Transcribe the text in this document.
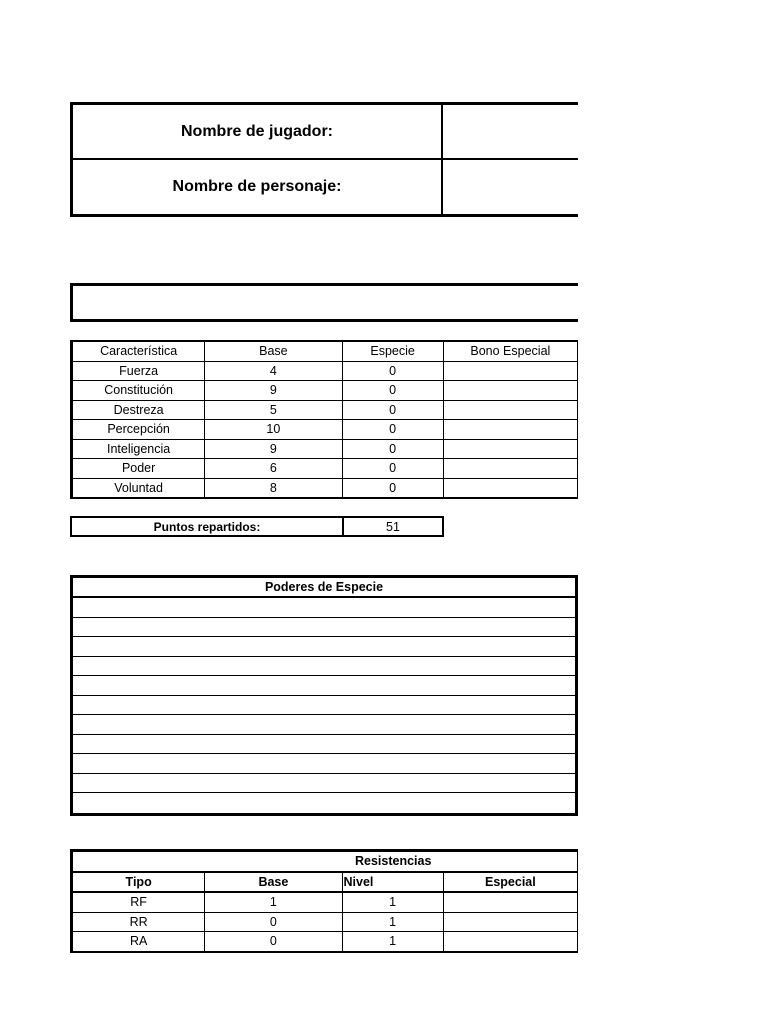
Nombre de jugador:
Nombre de personaje:
Característica	Base	Especie	Bono Especial
Fuerza	4	0	
Constitución	9	0	
Destreza	5	0	
Percepción	10	0	
Inteligencia	9	0	
Poder	6	0	
Voluntad	8	0	
Puntos repartidos:	51
Poderes de Especie
Resistencias			
Tipo	Base	Nivel	Especial
RF	1	1	
RR	0	1	
RA	0	1	
